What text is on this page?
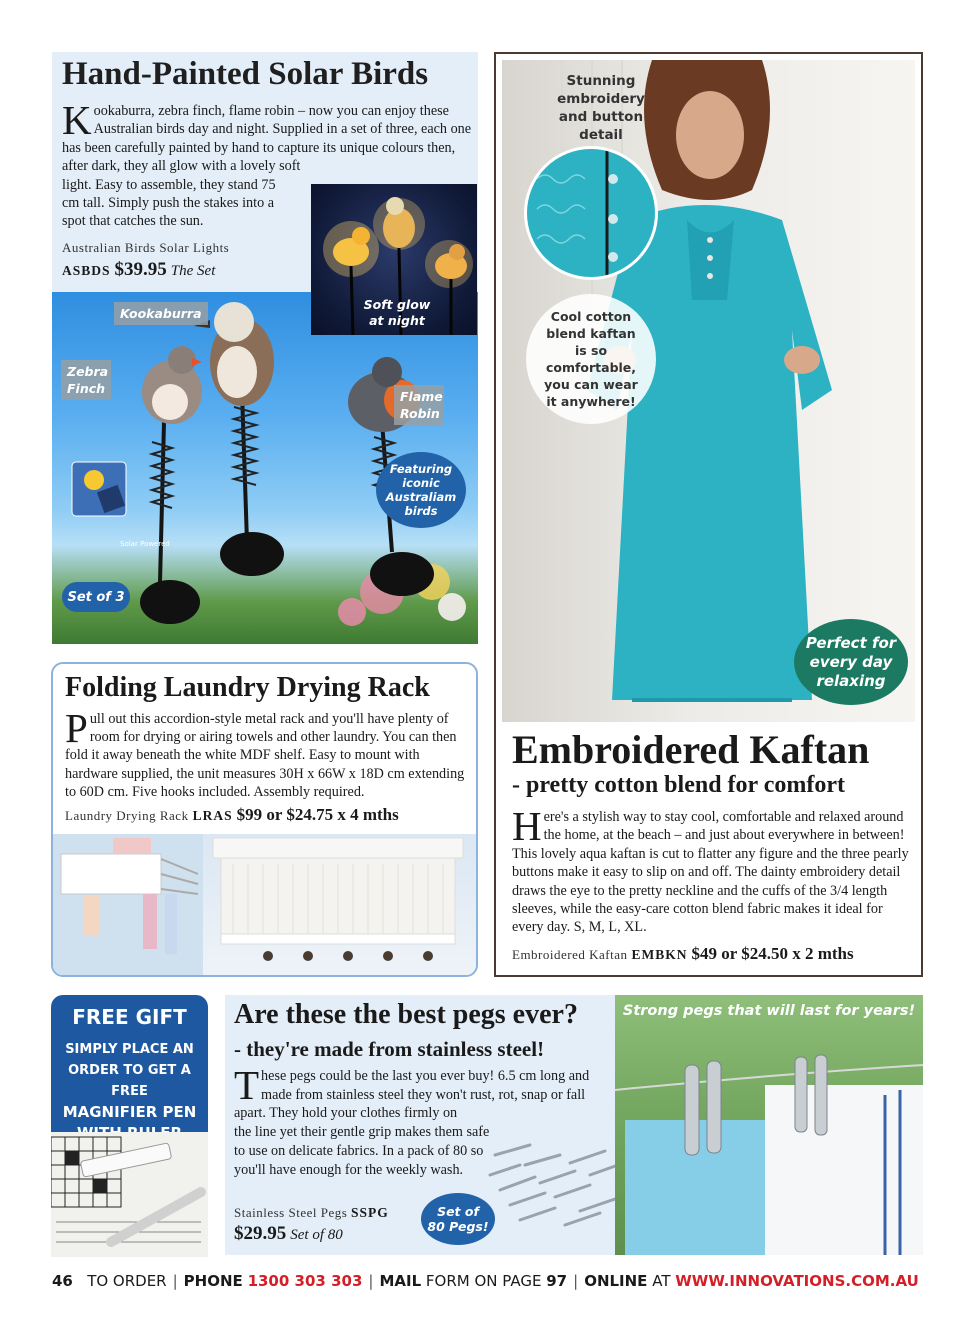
Hand-Painted Solar Birds
Kookaburra, zebra finch, flame robin – now you can enjoy these Australian birds day and night. Supplied in a set of three, each one has been carefully painted by hand to capture its unique colours then, after dark, they all glow with a lovely soft
light. Easy to assemble, they stand 75 cm tall. Simply push the stakes into a spot that catches the sun.
Australian Birds Solar Lights
ASBDS $39.95 The Set
Solar Powered
Soft glow at night
Kookaburra
Zebra Finch
Flame Robin
Featuring iconic Australiam birds
Set of 3
Folding Laundry Drying Rack
Pull out this accordion-style metal rack and you'll have plenty of room for drying or airing towels and other laundry. You can then fold it away beneath the white MDF shelf. Easy to mount with hardware supplied, the unit measures 30H x 66W x 18D cm extending to 60D cm. Five hooks included. Assembly required.
Laundry Drying Rack LRAS $99 or $24.75 x 4 mths
Stunning embroidery and button detail
Cool cotton blend kaftan is so comfortable, you can wear it anywhere!
Perfect for every day relaxing
Embroidered Kaftan
- pretty cotton blend for comfort
Here's a stylish way to stay cool, comfortable and relaxed around the home, at the beach – and just about everywhere in between! This lovely aqua kaftan is cut to flatter any figure and the three pearly buttons make it easy to slip on and off. The dainty embroidery detail draws the eye to the pretty neckline and the cuffs of the 3/4 length sleeves, while the easy-care cotton blend fabric makes it ideal for every day. S, M, L, XL.
Embroidered Kaftan EMBKN $49 or $24.50 x 2 mths
FREE GIFT
SIMPLY PLACE AN
ORDER TO GET A FREE
MAGNIFIER PEN
Are these the best pegs ever?
- they're made from stainless steel!
These pegs could be the last you ever buy! 6.5 cm long and made from stainless steel they won't rust, rot, snap or fall apart. They hold your clothes firmly on
the line yet their gentle grip makes them safe to use on delicate fabrics. In a pack of 80 so you'll have enough for the weekly wash.
Set of 80 Pegs!
Stainless Steel Pegs SSPG
$29.95 Set of 80
Strong pegs that will last for years!
46 TO ORDER | PHONE 1300 303 303 | MAIL FORM ON PAGE 97 | ONLINE AT WWW.INNOVATIONS.COM.AU
